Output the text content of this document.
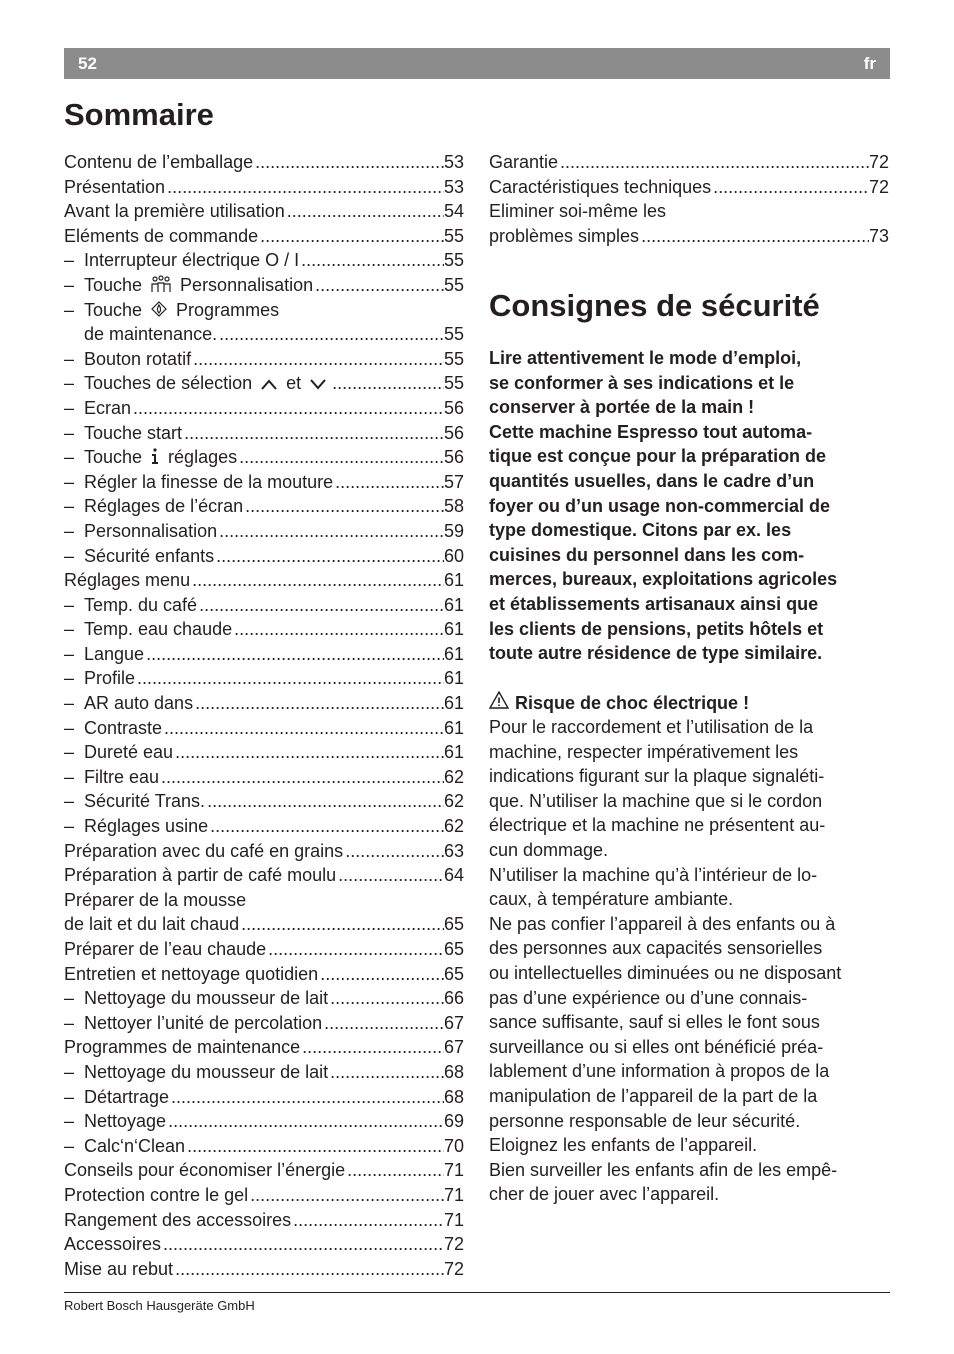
52	fr
Sommaire
Contenu de l’emballage .....	53
Présentation .....	53
Avant la première utilisation .....	54
Eléments de commande .....	55
– Interrupteur électrique O / I .....	55
– Touche  Personnalisation .....	55
– Touche  Programmes
de maintenance. .....	55
– Bouton rotatif .....	55
– Touches de sélection  et .....	55
– Ecran .....	56
– Touche start .....	56
– Touche  réglages .....	56
– Régler la finesse de la mouture .....	57
– Réglages de l’écran .....	58
– Personnalisation .....	59
– Sécurité enfants .....	60
Réglages menu .....	61
– Temp. du café .....	61
– Temp. eau chaude .....	61
– Langue .....	61
– Profile .....	61
– AR auto dans .....	61
– Contraste .....	61
– Dureté eau .....	61
– Filtre eau .....	62
– Sécurité Trans. .....	62
– Réglages usine .....	62
Préparation avec du café en grains .....	63
Préparation à partir de café moulu .....	64
Préparer de la mousse
de lait et du lait chaud .....	65
Préparer de l’eau chaude .....	65
Entretien et nettoyage quotidien .....	65
– Nettoyage du mousseur de lait .....	66
– Nettoyer l’unité de percolation .....	67
Programmes de maintenance .....	67
– Nettoyage du mousseur de lait .....	68
– Détartrage .....	68
– Nettoyage .....	69
– Calc‘n‘Clean .....	70
Conseils pour économiser l’énergie .....	71
Protection contre le gel .....	71
Rangement des accessoires .....	71
Accessoires .....	72
Mise au rebut .....	72
Garantie .....	72
Caractéristiques techniques .....	72
Eliminer soi-même les
problèmes simples .....	73
Consignes de sécurité

Lire attentivement le mode d’emploi,

se conformer à ses indications et le

conserver à portée de la main !

Cette machine Espresso tout automa-

tique est conçue pour la préparation de

quantités usuelles, dans le cadre d’un

foyer ou d’un usage non-commercial de

type domestique. Citons par ex. les

cuisines du personnel dans les com-

merces, bureaux, exploitations agricoles

et établissements artisanaux ainsi que

les clients de pensions, petits hôtels et

toute autre résidence de type similaire.

Risque de choc électrique !

Pour le raccordement et l’utilisation de la

machine, respecter impérativement les

indications figurant sur la plaque signaléti-

que. N’utiliser la machine que si le cordon

électrique et la machine ne présentent au-

cun dommage.

N’utiliser la machine qu’à l’intérieur de lo-

caux, à température ambiante.

Ne pas confier l’appareil à des enfants ou à

des personnes aux capacités sensorielles

ou intellectuelles diminuées ou ne disposant

pas d’une expérience ou d’une connais-

sance suffisante, sauf si elles le font sous

surveillance ou si elles ont bénéficié préa-

lablement d’une information à propos de la

manipulation de l’appareil de la part de la

personne responsable de leur sécurité.

Eloignez les enfants de l’appareil.

Bien surveiller les enfants afin de les empê-

cher de jouer avec l’appareil.

Robert Bosch Hausgeräte GmbH
